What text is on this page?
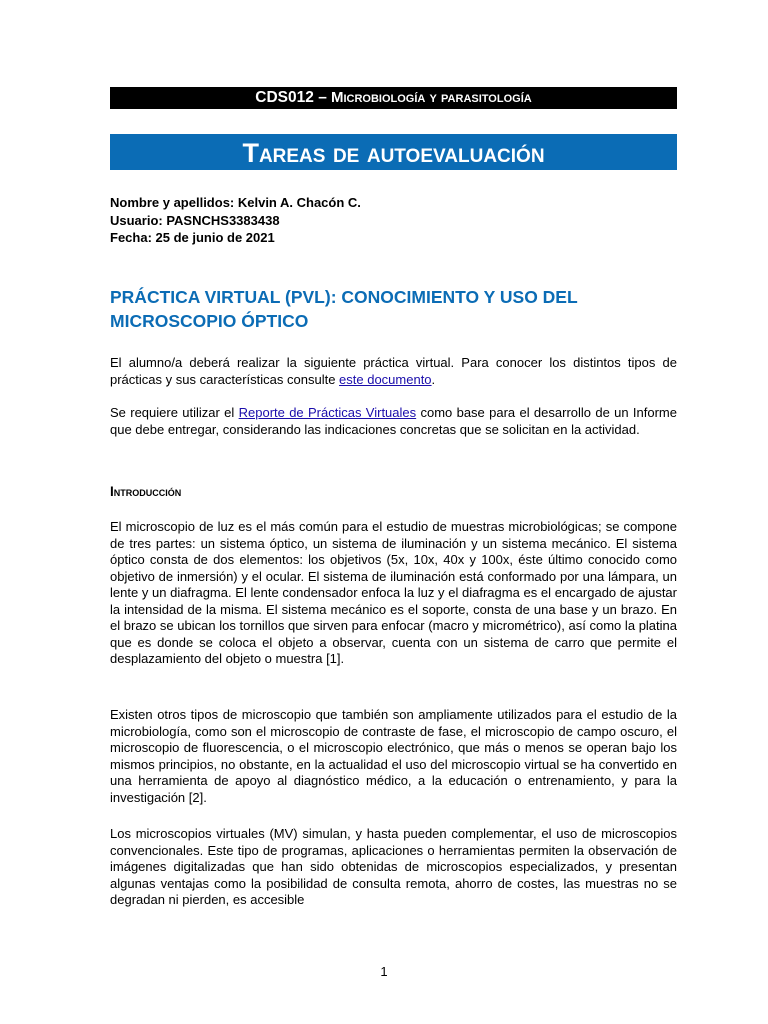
CDS012 – Microbiología y parasitología
Tareas de autoevaluación
Nombre y apellidos: Kelvin A. Chacón C.
Usuario: PASNCHS3383438
Fecha: 25 de junio de 2021
PRÁCTICA VIRTUAL (PVL): CONOCIMIENTO Y USO DEL MICROSCOPIO ÓPTICO
El alumno/a deberá realizar la siguiente práctica virtual. Para conocer los distintos tipos de prácticas y sus características consulte este documento.
Se requiere utilizar el Reporte de Prácticas Virtuales como base para el desarrollo de un Informe que debe entregar, considerando las indicaciones concretas que se solicitan en la actividad.
Introducción
El microscopio de luz es el más común para el estudio de muestras microbiológicas; se compone de tres partes: un sistema óptico, un sistema de iluminación y un sistema mecánico. El sistema óptico consta de dos elementos: los objetivos (5x, 10x, 40x y 100x, éste último conocido como objetivo de inmersión) y el ocular. El sistema de iluminación está conformado por una lámpara, un lente y un diafragma. El lente condensador enfoca la luz y el diafragma es el encargado de ajustar la intensidad de la misma. El sistema mecánico es el soporte, consta de una base y un brazo. En el brazo se ubican los tornillos que sirven para enfocar (macro y micrométrico), así como la platina que es donde se coloca el objeto a observar, cuenta con un sistema de carro que permite el desplazamiento del objeto o muestra [1].
Existen otros tipos de microscopio que también son ampliamente utilizados para el estudio de la microbiología, como son el microscopio de contraste de fase, el microscopio de campo oscuro, el microscopio de fluorescencia, o el microscopio electrónico, que más o menos se operan bajo los mismos principios, no obstante, en la actualidad el uso del microscopio virtual se ha convertido en una herramienta de apoyo al diagnóstico médico, a la educación o entrenamiento, y para la investigación [2].
Los microscopios virtuales (MV) simulan, y hasta pueden complementar, el uso de microscopios convencionales. Este tipo de programas, aplicaciones o herramientas permiten la observación de imágenes digitalizadas que han sido obtenidas de microscopios especializados, y presentan algunas ventajas como la posibilidad de consulta remota, ahorro de costes, las muestras no se degradan ni pierden, es accesible
1
